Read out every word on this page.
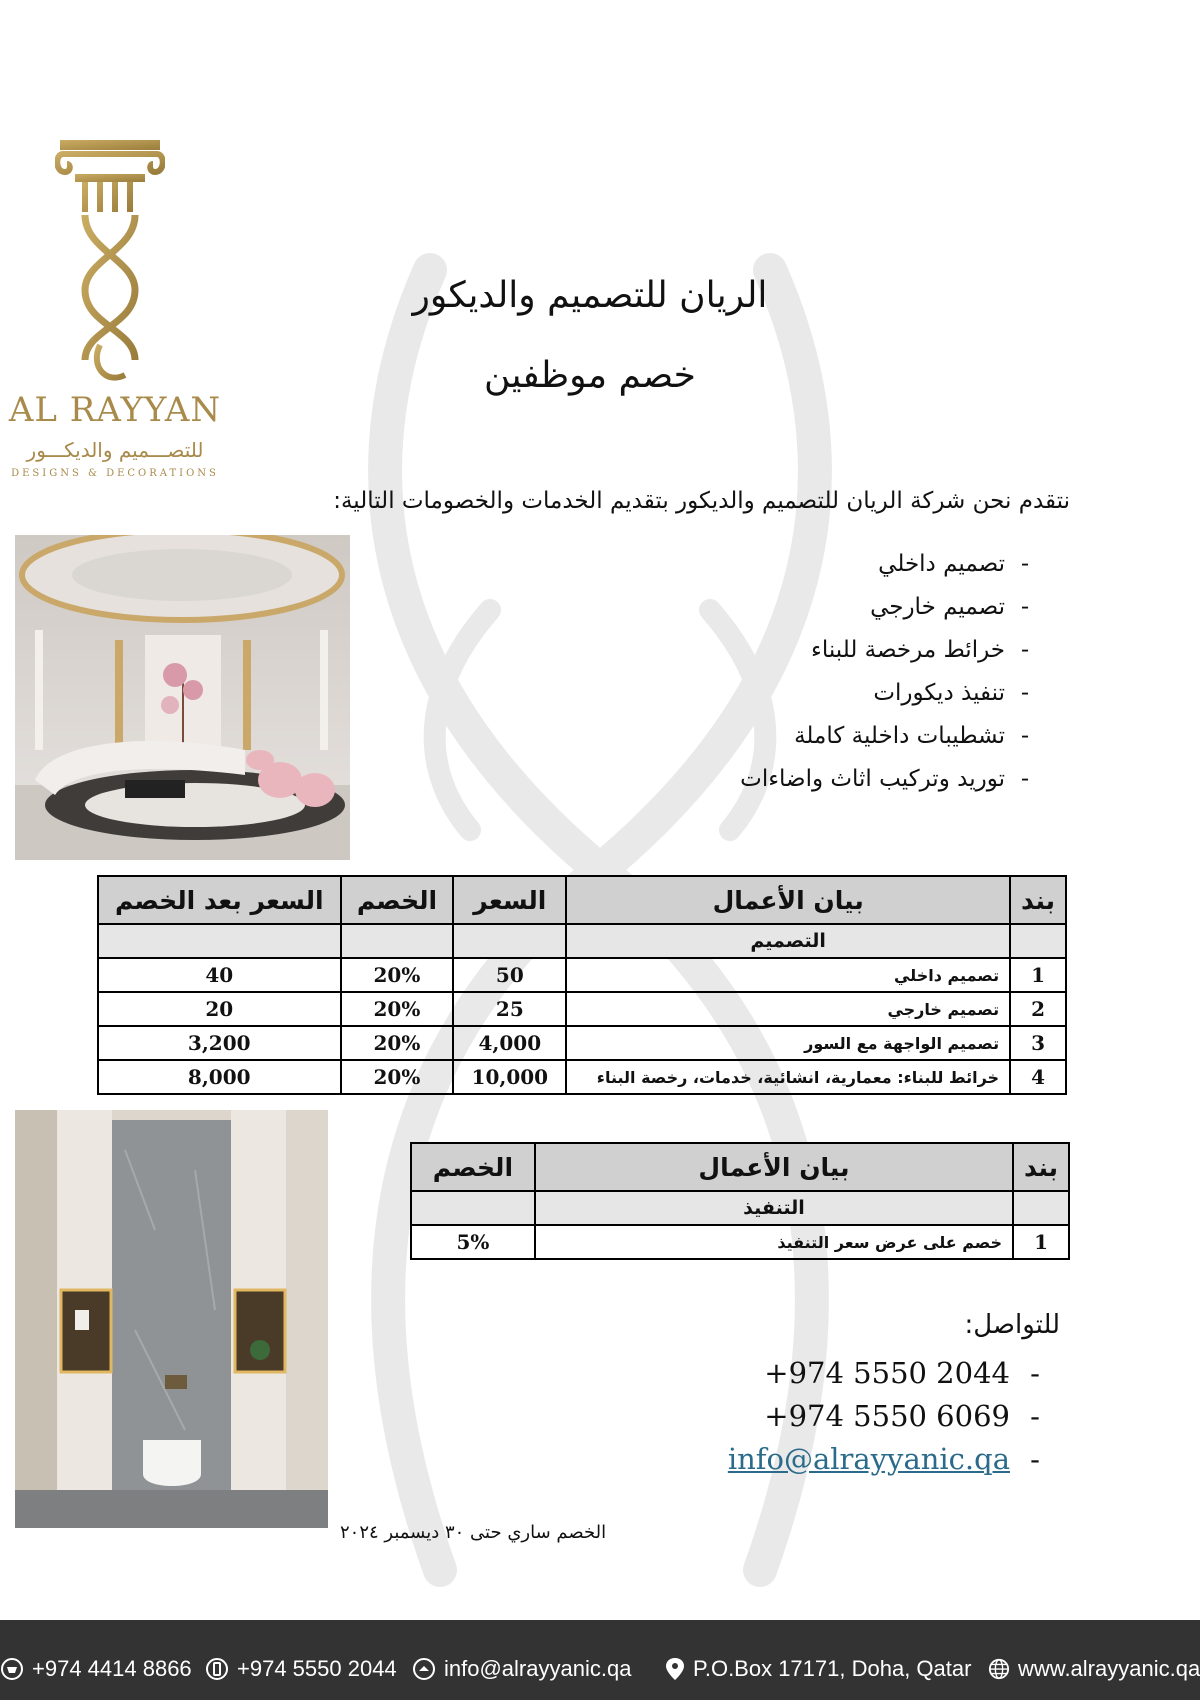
AL RAYYAN
للتصـــميم والديكـــور
DESIGNS & DECORATIONS
الريان للتصميم والديكور
خصم موظفين
نتقدم نحن شركة الريان للتصميم والديكور بتقديم الخدمات والخصومات التالية:
-
تصميم داخلي
-
تصميم خارجي
-
خرائط مرخصة للبناء
-
تنفيذ ديكورات
-
تشطيبات داخلية كاملة
-
توريد وتركيب اثاث واضاءات
بند	بيان الأعمال	السعر	الخصم	السعر بعد الخصم
	التصميم			
1	تصميم داخلي	50	20%	40
2	تصميم خارجي	25	20%	20
3	تصميم الواجهة مع السور	4,000	20%	3,200
4	خرائط للبناء: معمارية، انشائية، خدمات، رخصة البناء	10,000	20%	8,000
بند	بيان الأعمال	الخصم
	التنفيذ	
1	خصم على عرض سعر التنفيذ	5%
للتواصل:
-
+974 5550 2044
-
+974 5550 6069
-
info@alrayyanic.qa
الخصم ساري حتى ٣٠ ديسمبر ٢٠٢٤
+974 4414 8866 +974 5550 2044 info@alrayyanic.qa	P.O.Box 17171, Doha, Qatar www.alrayyanic.qa
